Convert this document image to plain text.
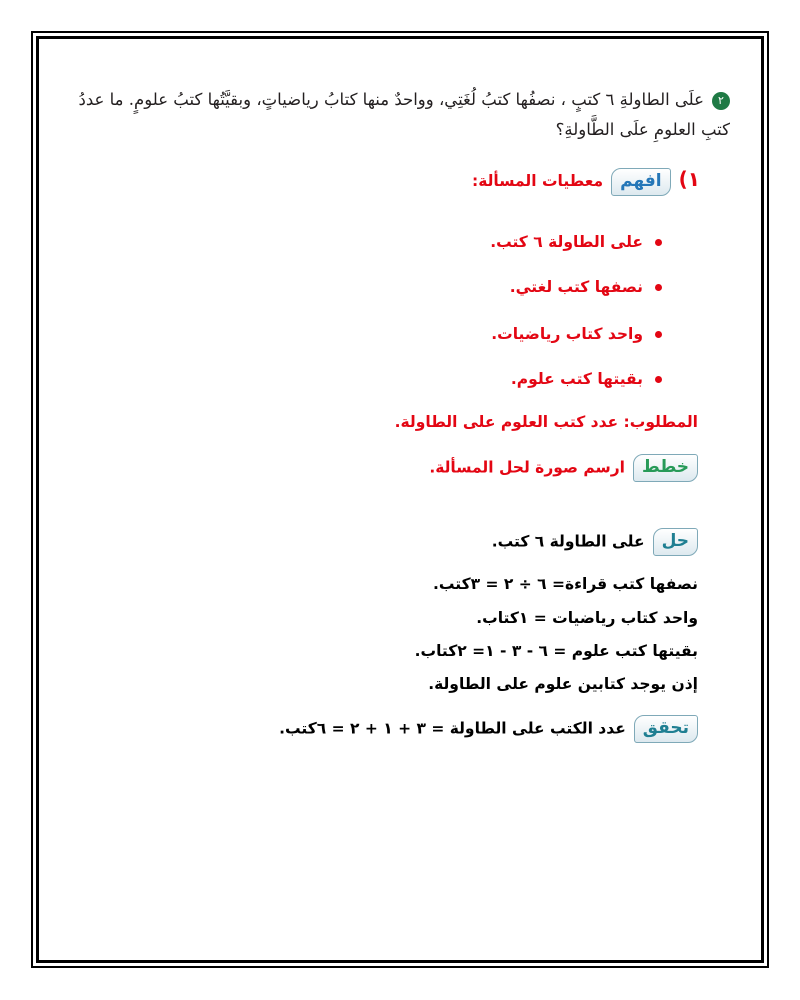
٢علَى الطاولةِ ٦ كتبٍ ، نصفُها كتبُ لُغَتِي، وواحدٌ منها كتابُ رياضياتٍ، وبقيَّتُها كتبُ علومٍ. ما عددُ كتبِ العلومِ علَى الطَّاولةِ؟
١)افهممعطيات المسألة:
على الطاولة ٦ كتب.
نصفها كتب لغتي.
واحد كتاب رياضيات.
بقيتها كتب علوم.
المطلوب: عدد كتب العلوم على الطاولة.
خططارسم صورة لحل المسألة.
حلعلى الطاولة ٦ كتب.
نصفها كتب قراءة= ٦ ÷ ٢ = ٣كتب.
واحد كتاب رياضيات = ١كتاب.
بقيتها كتب علوم = ٦ - ٣ - ١= ٢كتاب.
إذن يوجد كتابين علوم على الطاولة.
تحققعدد الكتب على الطاولة = ٣ + ١ + ٢ = ٦كتب.
